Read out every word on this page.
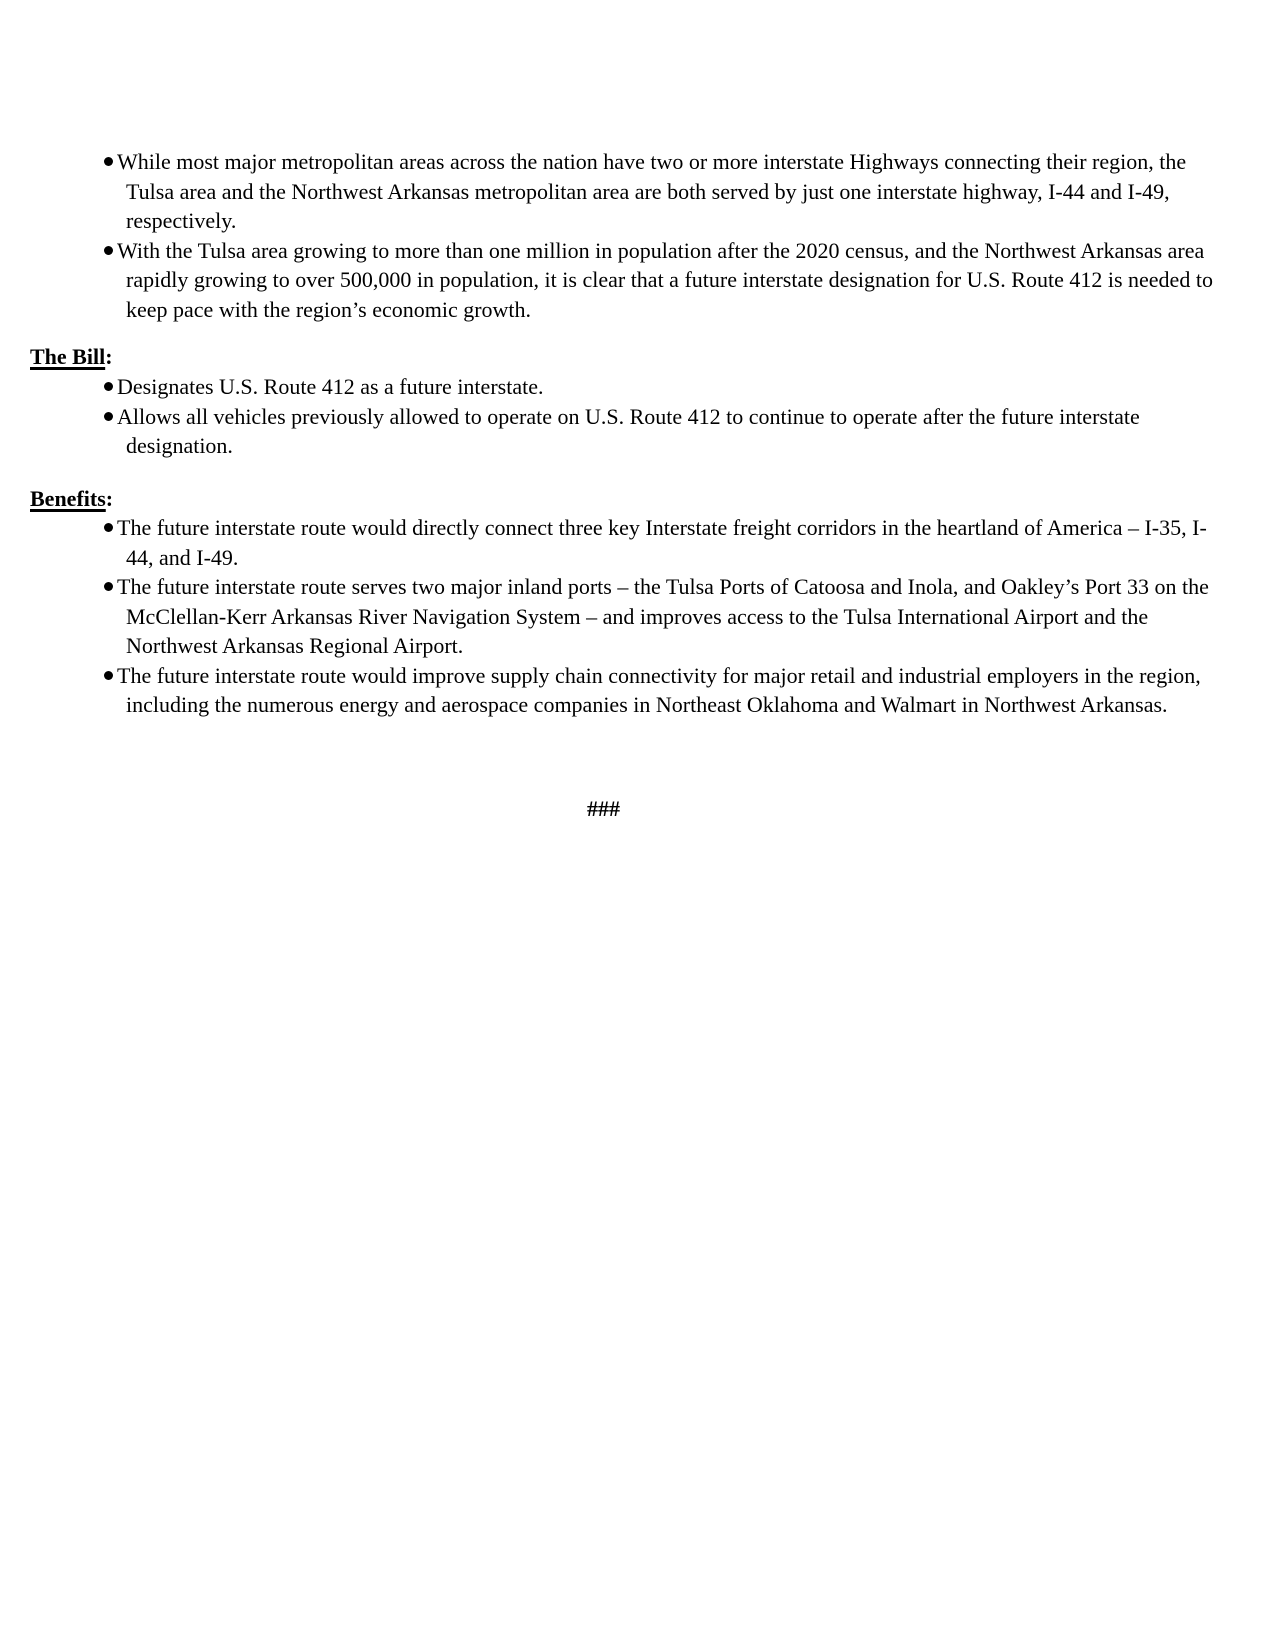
While most major metropolitan areas across the nation have two or more interstate Highways connecting their region, the Tulsa area and the Northwest Arkansas metropolitan area are both served by just one interstate highway, I-44 and I-49, respectively.
With the Tulsa area growing to more than one million in population after the 2020 census, and the Northwest Arkansas area rapidly growing to over 500,000 in population, it is clear that a future interstate designation for U.S. Route 412 is needed to keep pace with the region’s economic growth.
The Bill:
Designates U.S. Route 412 as a future interstate.
Allows all vehicles previously allowed to operate on U.S. Route 412 to continue to operate after the future interstate designation.
Benefits:
The future interstate route would directly connect three key Interstate freight corridors in the heartland of America – I-35, I-44, and I-49.
The future interstate route serves two major inland ports – the Tulsa Ports of Catoosa and Inola, and Oakley’s Port 33 on the McClellan-Kerr Arkansas River Navigation System – and improves access to the Tulsa International Airport and the Northwest Arkansas Regional Airport.
The future interstate route would improve supply chain connectivity for major retail and industrial employers in the region, including the numerous energy and aerospace companies in Northeast Oklahoma and Walmart in Northwest Arkansas.
###
